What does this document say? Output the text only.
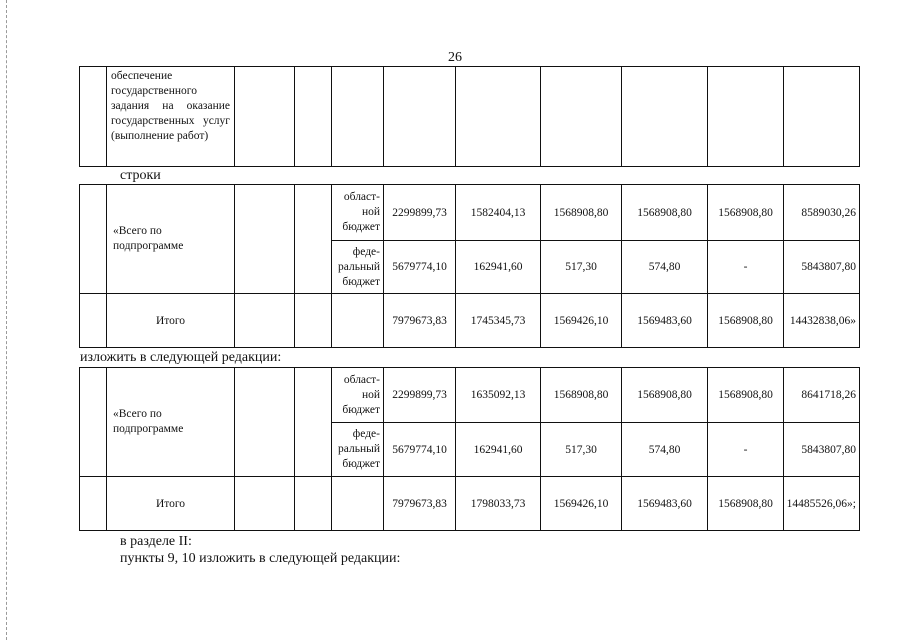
26
	обеспечение государственного задания на оказание государственных услуг (выполнение работ)									
строки
	«Всего по подпрограмме			област-ной бюджет	2299899,73	1582404,13	1568908,80	1568908,80	1568908,80	8589030,26
				феде-ральный бюджет	5679774,10	162941,60	517,30	574,80	-	5843807,80
	Итого				7979673,83	1745345,73	1569426,10	1569483,60	1568908,80	14432838,06»
изложить в следующей редакции:
	«Всего по подпрограмме			област-ной бюджет	2299899,73	1635092,13	1568908,80	1568908,80	1568908,80	8641718,26
				феде-ральный бюджет	5679774,10	162941,60	517,30	574,80	-	5843807,80
	Итого				7979673,83	1798033,73	1569426,10	1569483,60	1568908,80	14485526,06»;
в разделе II:
пункты 9, 10 изложить в следующей редакции:
